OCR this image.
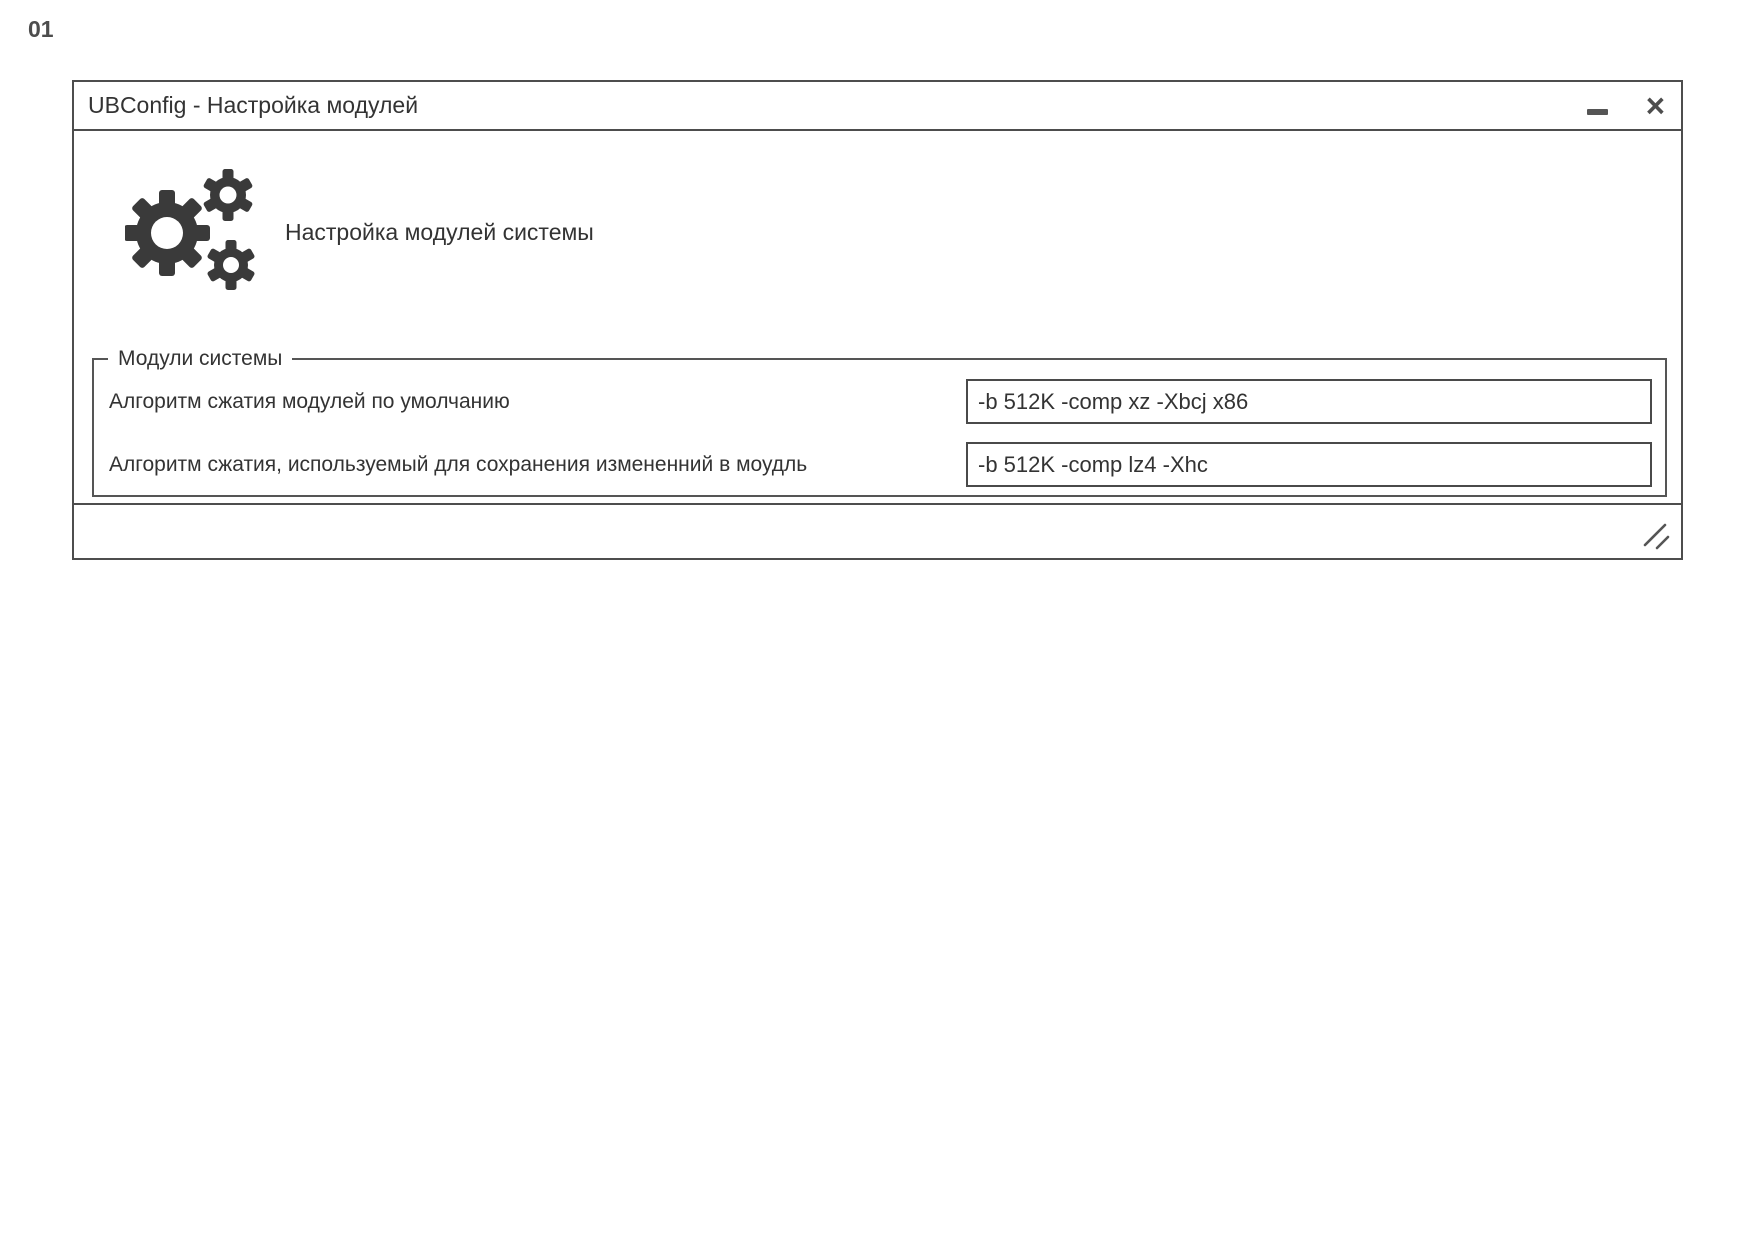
01
UBConfig - Настройка модулей	×
Настройка модулей системы
Модули системы
Алгоритм сжатия модулей по умолчанию
-b 512K -comp xz -Xbcj x86
Алгоритм сжатия, используемый для сохранения измененний в моудль
-b 512K -comp lz4 -Xhc
